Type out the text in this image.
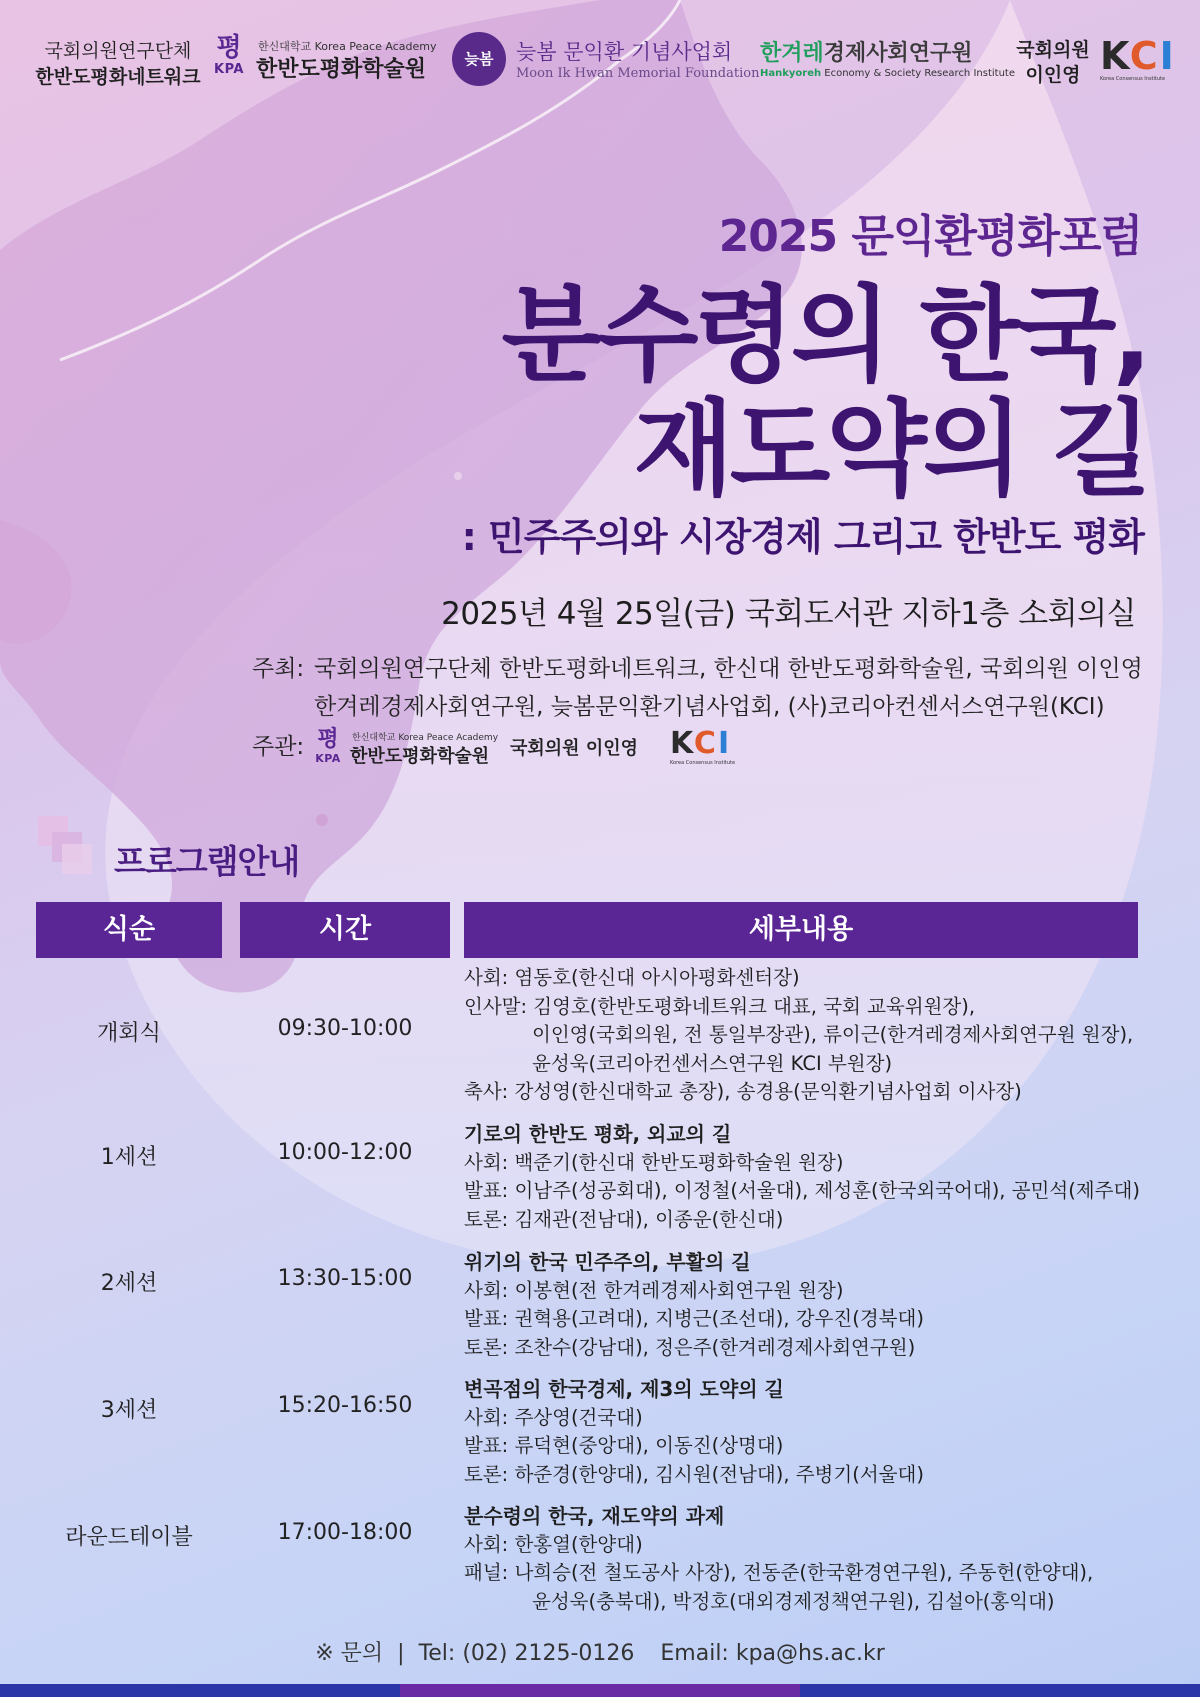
국회의원연구단체
한반도평화네트워크
평
KPA
한신대학교 Korea Peace Academy
한반도평화학술원	늦봄	늦봄 문익환 기념사업회
Moon Ik Hwan Memorial Foundation
한겨레경제사회연구원
Hankyoreh Economy & Society Research Institute
국회의원
이인영 KCI
Korea Consensus Institute
2025 문익환평화포럼
분수령의 한국,
재도약의 길
: 민주주의와 시장경제 그리고 한반도 평화
2025년 4월 25일(금) 국회도서관 지하1층 소회의실
주최: 국회의원연구단체 한반도평화네트워크, 한신대 한반도평화학술원, 국회의원 이인영
한겨레경제사회연구원, 늦봄문익환기념사업회, (사)코리아컨센서스연구원(KCI)
주관: 평
KPA
한신대학교 Korea Peace Academy
한반도평화학술원 국회의원 이인영 KCI
Korea Consensus Institute
프로그램안내
식순	시간	세부내용
개회식	09:30-10:00
사회: 염동호(한신대 아시아평화센터장)
인사말: 김영호(한반도평화네트워크 대표, 국회 교육위원장),
이인영(국회의원, 전 통일부장관), 류이근(한겨레경제사회연구원 원장),
윤성욱(코리아컨센서스연구원 KCI 부원장)
축사: 강성영(한신대학교 총장), 송경용(문익환기념사업회 이사장)
1세션	10:00-12:00
기로의 한반도 평화, 외교의 길
사회: 백준기(한신대 한반도평화학술원 원장)
발표: 이남주(성공회대), 이정철(서울대), 제성훈(한국외국어대), 공민석(제주대)
토론: 김재관(전남대), 이종운(한신대)
2세션	13:30-15:00
위기의 한국 민주주의, 부활의 길
사회: 이봉현(전 한겨레경제사회연구원 원장)
발표: 권혁용(고려대), 지병근(조선대), 강우진(경북대)
토론: 조찬수(강남대), 정은주(한겨레경제사회연구원)
3세션	15:20-16:50
변곡점의 한국경제, 제3의 도약의 길
사회: 주상영(건국대)
발표: 류덕현(중앙대), 이동진(상명대)
토론: 하준경(한양대), 김시원(전남대), 주병기(서울대)
라운드테이블	17:00-18:00
분수령의 한국, 재도약의 과제
사회: 한홍열(한양대)
패널: 나희승(전 철도공사 사장), 전동준(한국환경연구원), 주동헌(한양대),
윤성욱(충북대), 박정호(대외경제정책연구원), 김설아(홍익대)
※ 문의 | Tel: (02) 2125-0126 Email: kpa@hs.ac.kr
